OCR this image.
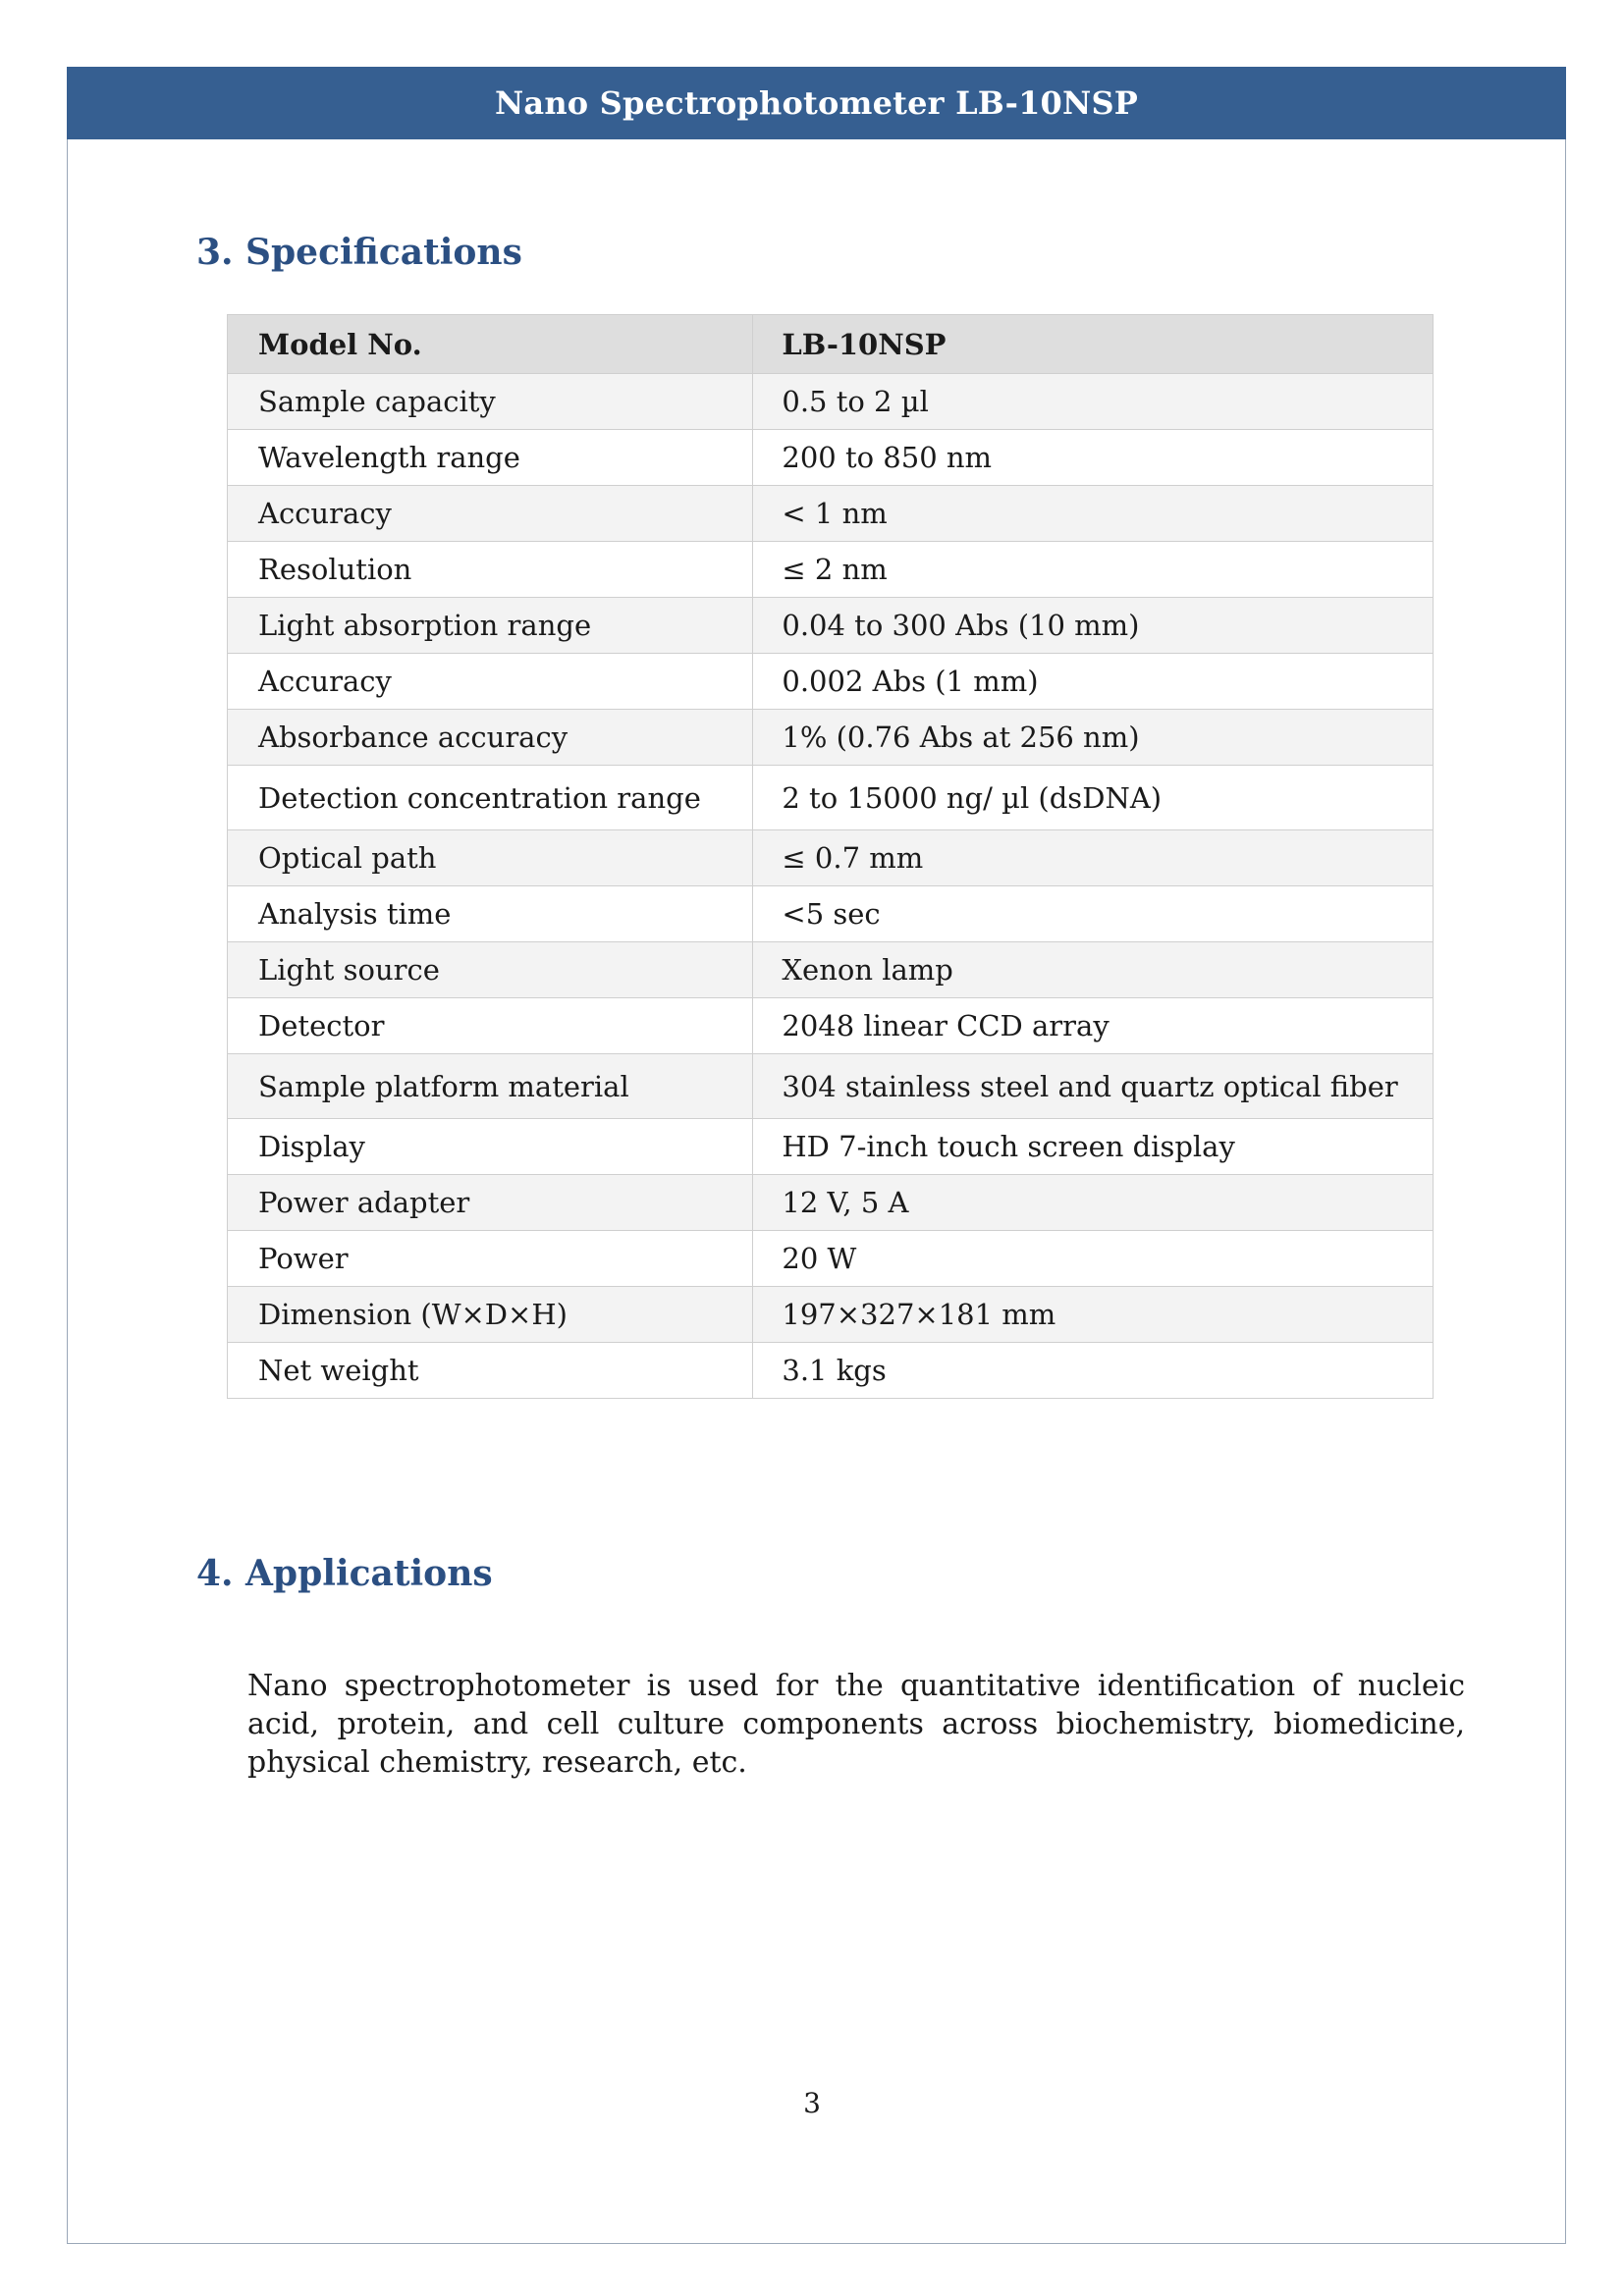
Nano Spectrophotometer LB-10NSP
3. Specifications
Model No.	LB-10NSP
Sample capacity	0.5 to 2 µl
Wavelength range	200 to 850 nm
Accuracy	< 1 nm
Resolution	≤ 2 nm
Light absorption range	0.04 to 300 Abs (10 mm)
Accuracy	0.002 Abs (1 mm)
Absorbance accuracy	1% (0.76 Abs at 256 nm)
Detection concentration range	2 to 15000 ng/ µl (dsDNA)
Optical path	≤ 0.7 mm
Analysis time	<5 sec
Light source	Xenon lamp
Detector	2048 linear CCD array
Sample platform material	304 stainless steel and quartz optical fiber
Display	HD 7-inch touch screen display
Power adapter	12 V, 5 A
Power	20 W
Dimension (W×D×H)	197×327×181 mm
Net weight	3.1 kgs
4. Applications

Nano spectrophotometer is used for the quantitative identification of nucleic acid, protein, and cell culture components across biochemistry, biomedicine, physical chemistry, research, etc.

3
